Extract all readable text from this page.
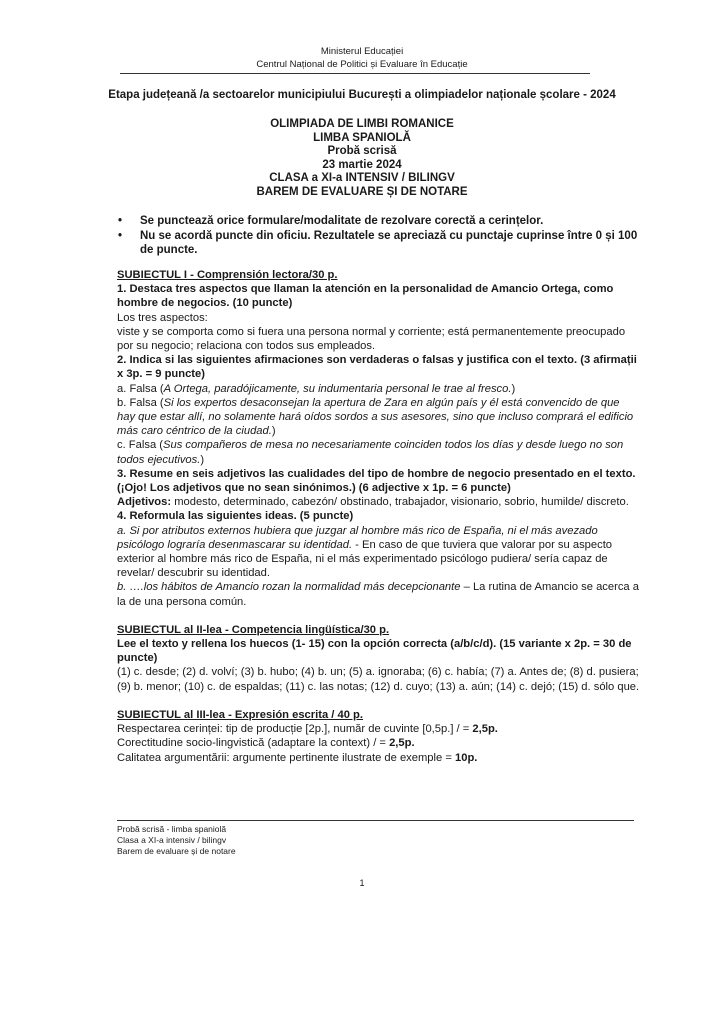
Ministerul Educației
Centrul Național de Politici și Evaluare în Educație
Etapa județeană /a sectoarelor municipiului București a olimpiadelor naționale școlare - 2024
OLIMPIADA DE LIMBI ROMANICE
LIMBA SPANIOLĂ
Probă scrisă
23 martie 2024
CLASA a XI-a INTENSIV / BILINGV
BAREM DE EVALUARE ȘI DE NOTARE
• Se punctează orice formulare/modalitate de rezolvare corectă a cerințelor.
• Nu se acordă puncte din oficiu. Rezultatele se apreciază cu punctaje cuprinse între 0 și 100 de puncte.

SUBIECTUL I - Comprensión lectora/30 p.

1. Destaca tres aspectos que llaman la atención en la personalidad de Amancio Ortega, como hombre de negocios. (10 puncte)

Los tres aspectos:

viste y se comporta como si fuera una persona normal y corriente; está permanentemente preocupado por su negocio; relaciona con todos sus empleados.

2. Indica si las siguientes afirmaciones son verdaderas o falsas y justifica con el texto. (3 afirmații x 3p. = 9 puncte)

a. Falsa (A Ortega, paradójicamente, su indumentaria personal le trae al fresco.)

b. Falsa (Si los expertos desaconsejan la apertura de Zara en algún país y él está convencido de que hay que estar allí, no solamente hará oídos sordos a sus asesores, sino que incluso comprará el edificio más caro céntrico de la ciudad.)

c. Falsa (Sus compañeros de mesa no necesariamente coinciden todos los días y desde luego no son todos ejecutivos.)

3. Resume en seis adjetivos las cualidades del tipo de hombre de negocio presentado en el texto. (¡Ojo! Los adjetivos que no sean sinónimos.) (6 adjective x 1p. = 6 puncte)

Adjetivos: modesto, determinado, cabezón/ obstinado, trabajador, visionario, sobrio, humilde/ discreto.

4. Reformula las siguientes ideas. (5 puncte)

a. Si por atributos externos hubiera que juzgar al hombre más rico de España, ni el más avezado psicólogo lograría desenmascarar su identidad. - En caso de que tuviera que valorar por su aspecto exterior al hombre más rico de España, ni el más experimentado psicólogo pudiera/ sería capaz de revelar/ descubrir su identidad.

b. ….los hábitos de Amancio rozan la normalidad más decepcionante – La rutina de Amancio se acerca a la de una persona común.

SUBIECTUL al II-lea - Competencia lingüística/30 p.

Lee el texto y rellena los huecos (1- 15) con la opción correcta (a/b/c/d). (15 variante x 2p. = 30 de puncte)

(1) c. desde; (2) d. volví; (3) b. hubo; (4) b. un; (5) a. ignoraba; (6) c. había; (7) a. Antes de; (8) d. pusiera; (9) b. menor; (10) c. de espaldas; (11) c. las notas; (12) d. cuyo; (13) a. aún; (14) c. dejó; (15) d. sólo que.

SUBIECTUL al III-lea - Expresión escrita / 40 p.

Respectarea cerinței: tip de producție [2p.], număr de cuvinte [0,5p.] / = 2,5p.

Corectitudine socio-lingvistică (adaptare la context) / = 2,5p.

Calitatea argumentării: argumente pertinente ilustrate de exemple = 10p.

Probă scrisă - limba spaniolă
Clasa a XI-a intensiv / bilingv
Barem de evaluare și de notare
1
